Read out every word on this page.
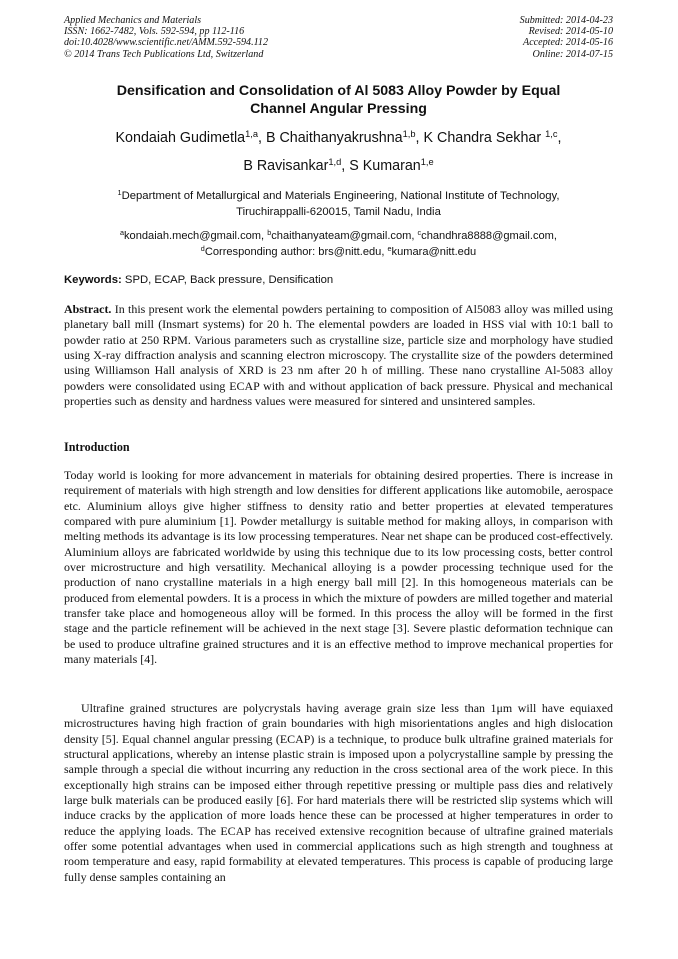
Applied Mechanics and Materials
ISSN: 1662-7482, Vols. 592-594, pp 112-116
doi:10.4028/www.scientific.net/AMM.592-594.112
© 2014 Trans Tech Publications Ltd, Switzerland
Submitted: 2014-04-23
Revised: 2014-05-10
Accepted: 2014-05-16
Online: 2014-07-15
Densification and Consolidation of Al 5083 Alloy Powder by Equal
Channel Angular Pressing
Kondaiah Gudimetla$^{1,a}$, B Chaithanyakrushna$^{1,b}$, K Chandra Sekhar $^{1,c}$,
B Ravisankar$^{1,d}$, S Kumaran$^{1,e}$
$^1$Department of Metallurgical and Materials Engineering, National Institute of Technology,
Tiruchirappalli-620015, Tamil Nadu, India
$^a$kondaiah.mech@gmail.com, $^b$chaithanyateam@gmail.com, $^c$chandhra8888@gmail.com,
$^d$Corresponding author: brs@nitt.edu, $^e$kumara@nitt.edu
Keywords: SPD, ECAP, Back pressure, Densification

Abstract. In this present work the elemental powders pertaining to composition of Al5083 alloy was milled using planetary ball mill (Insmart systems) for 20 h. The elemental powders are loaded in HSS vial with 10:1 ball to powder ratio at 250 RPM. Various parameters such as crystalline size, particle size and morphology have studied using X-ray diffraction analysis and scanning electron microscopy. The crystallite size of the powders determined using Williamson Hall analysis of XRD is 23 nm after 20 h of milling. These nano crystalline Al-5083 alloy powders were consolidated using ECAP with and without application of back pressure. Physical and mechanical properties such as density and hardness values were measured for sintered and unsintered samples.

Introduction

Today world is looking for more advancement in materials for obtaining desired properties. There is increase in requirement of materials with high strength and low densities for different applications like automobile, aerospace etc. Aluminium alloys give higher stiffness to density ratio and better properties at elevated temperatures compared with pure aluminium [1]. Powder metallurgy is suitable method for making alloys, in comparison with melting methods its advantage is its low processing temperatures. Near net shape can be produced cost-effectively. Aluminium alloys are fabricated worldwide by using this technique due to its low processing costs, better control over microstructure and high versatility. Mechanical alloying is a powder processing technique used for the production of nano crystalline materials in a high energy ball mill [2]. In this homogeneous materials can be produced from elemental powders. It is a process in which the mixture of powders are milled together and material transfer take place and homogeneous alloy will be formed. In this process the alloy will be formed in the first stage and the particle refinement will be achieved in the next stage [3]. Severe plastic deformation technique can be used to produce ultrafine grained structures and it is an effective method to improve mechanical properties for many materials [4].

Ultrafine grained structures are polycrystals having average grain size less than 1μm will have equiaxed microstructures having high fraction of grain boundaries with high misorientations angles and high dislocation density [5]. Equal channel angular pressing (ECAP) is a technique, to produce bulk ultrafine grained materials for structural applications, whereby an intense plastic strain is imposed upon a polycrystalline sample by pressing the sample through a special die without incurring any reduction in the cross sectional area of the work piece. In this exceptionally high strains can be imposed either through repetitive pressing or multiple pass dies and relatively large bulk materials can be produced easily [6]. For hard materials there will be restricted slip systems which will induce cracks by the application of more loads hence these can be processed at higher temperatures in order to reduce the applying loads. The ECAP has received extensive recognition because of ultrafine grained materials offer some potential advantages when used in commercial applications such as high strength and toughness at room temperature and easy, rapid formability at elevated temperatures. This process is capable of producing large fully dense samples containing an
